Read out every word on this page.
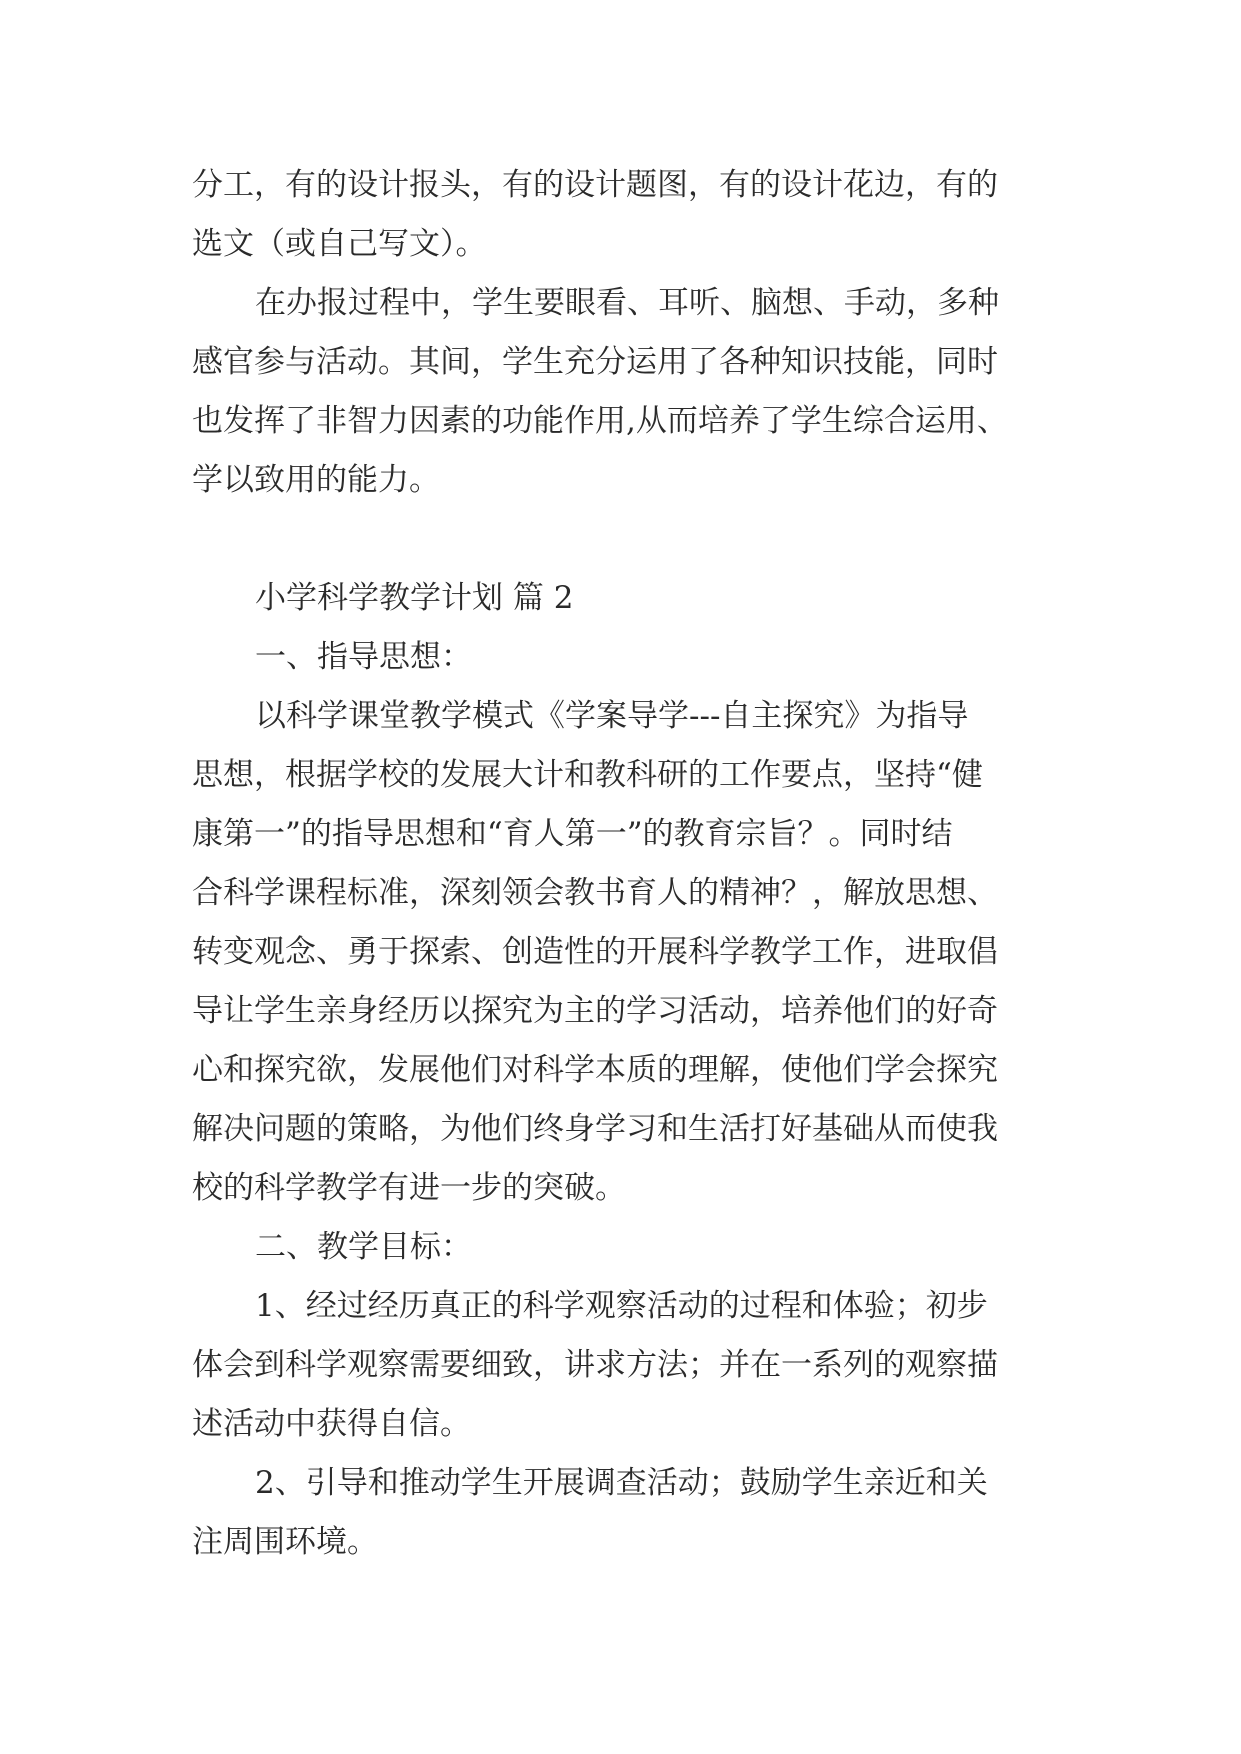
分工，有的设计报头，有的设计题图，有的设计花边，有的
选文（或自己写文）。
在办报过程中，学生要眼看、耳听、脑想、手动，多种
感官参与活动。其间，学生充分运用了各种知识技能，同时
也发挥了非智力因素的功能作用,从而培养了学生综合运用、
学以致用的能力。
小学科学教学计划 篇 2
一、指导思想：
以科学课堂教学模式《学案导学---自主探究》为指导
思想，根据学校的发展大计和教科研的工作要点，坚持“健
康第一”的指导思想和“育人第一”的教育宗旨？。同时结
合科学课程标准，深刻领会教书育人的精神？，解放思想、
转变观念、勇于探索、创造性的开展科学教学工作，进取倡
导让学生亲身经历以探究为主的学习活动，培养他们的好奇
心和探究欲，发展他们对科学本质的理解，使他们学会探究
解决问题的策略，为他们终身学习和生活打好基础从而使我
校的科学教学有进一步的突破。
二、教学目标：
1、经过经历真正的科学观察活动的过程和体验；初步
体会到科学观察需要细致，讲求方法；并在一系列的观察描
述活动中获得自信。
2、引导和推动学生开展调查活动；鼓励学生亲近和关
注周围环境。
